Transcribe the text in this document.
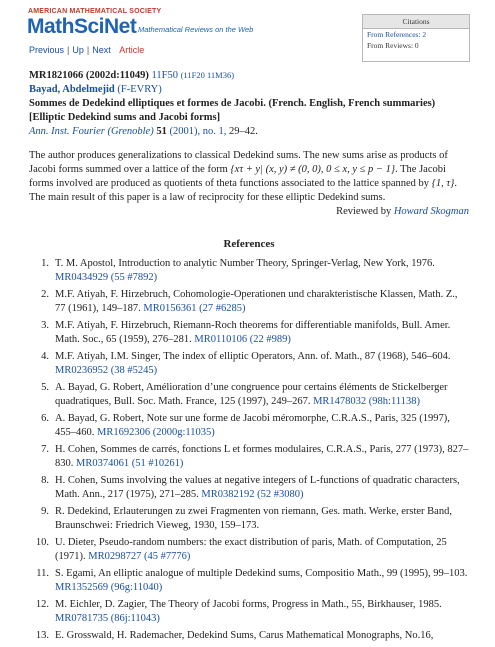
AMERICAN MATHEMATICAL SOCIETY
MathSciNet Mathematical Reviews on the Web
Previous | Up | Next Article
Citations
From References: 2
From Reviews: 0
MR1821066 (2002d:11049) 11F50 (11F20 11M36)
Bayad, Abdelmejid (F-EVRY)
Sommes de Dedekind elliptiques et formes de Jacobi. (French. English, French summaries) [Elliptic Dedekind sums and Jacobi forms]
Ann. Inst. Fourier (Grenoble) 51 (2001), no. 1, 29–42.
The author produces generalizations to classical Dedekind sums. The new sums arise as products of Jacobi forms summed over a lattice of the form {xτ + y| (x, y) ≠ (0, 0), 0 ≤ x, y ≤ p − 1}. The Jacobi forms involved are produced as quotients of theta functions associated to the lattice spanned by {1, τ}. The main result of this paper is a law of reciprocity for these elliptic Dedekind sums.
Reviewed by Howard Skogman
References
1. T. M. Apostol, Introduction to analytic Number Theory, Springer-Verlag, New York, 1976. MR0434929 (55 #7892)
2. M.F. Atiyah, F. Hirzebruch, Cohomologie-Operationen und charakteristische Klassen, Math. Z., 77 (1961), 149–187. MR0156361 (27 #6285)
3. M.F. Atiyah, F. Hirzebruch, Riemann-Roch theorems for differentiable manifolds, Bull. Amer. Math. Soc., 65 (1959), 276–281. MR0110106 (22 #989)
4. M.F. Atiyah, I.M. Singer, The index of elliptic Operators, Ann. of. Math., 87 (1968), 546–604. MR0236952 (38 #5245)
5. A. Bayad, G. Robert, Amélioration d’une congruence pour certains éléments de Stickelberger quadratiques, Bull. Soc. Math. France, 125 (1997), 249–267. MR1478032 (98h:11138)
6. A. Bayad, G. Robert, Note sur une forme de Jacobi méromorphe, C.R.A.S., Paris, 325 (1997), 455–460. MR1692306 (2000g:11035)
7. H. Cohen, Sommes de carrés, fonctions L et formes modulaires, C.R.A.S., Paris, 277 (1973), 827–830. MR0374061 (51 #10261)
8. H. Cohen, Sums involving the values at negative integers of L-functions of quadratic characters, Math. Ann., 217 (1975), 271–285. MR0382192 (52 #3080)
9. R. Dedekind, Erlauterungen zu zwei Fragmenten von riemann, Ges. math. Werke, erster Band, Braunschwei: Friedrich Vieweg, 1930, 159–173.
10. U. Dieter, Pseudo-random numbers: the exact distribution of paris, Math. of Computation, 25 (1971). MR0298727 (45 #7776)
11. S. Egami, An elliptic analogue of multiple Dedekind sums, Compositio Math., 99 (1995), 99–103. MR1352569 (96g:11040)
12. M. Eichler, D. Zagier, The Theory of Jacobi forms, Progress in Math., 55, Birkhauser, 1985. MR0781735 (86j:11043)
13. E. Grosswald, H. Rademacher, Dedekind Sums, Carus Mathematical Monographs, No.16,
